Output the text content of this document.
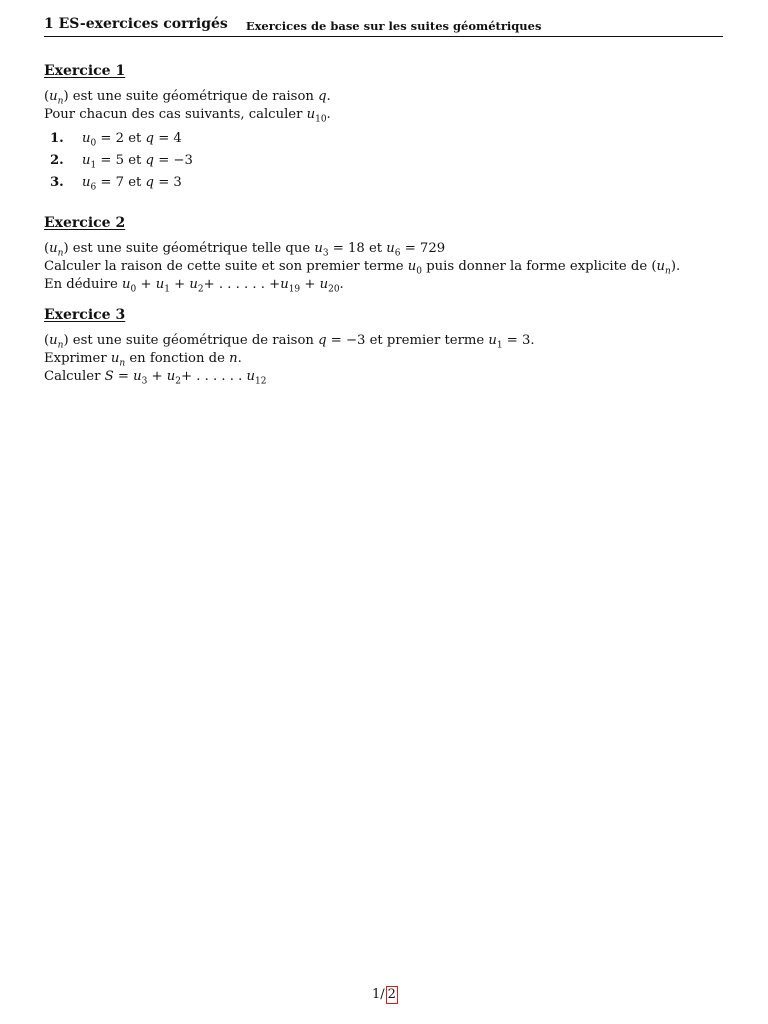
1 ES-exercices corrigés Exercices de base sur les suites géométriques
Exercice 1
$(u_n)$ est une suite géométrique de raison q.
Pour chacun des cas suivants, calculer $u_{10}$.
1.	$u_0 = 2$ et q = 4
2.	$u_1 = 5$ et q = −3
3.	$u_6 = 7$ et q = 3
Exercice 2
$(u_n)$ est une suite géométrique telle que $u_3 = 18$ et $u_6 = 729$
Calculer la raison de cette suite et son premier terme $u_0$ puis donner la forme explicite de $(u_n)$.
En déduire $u_0 + u_1 + u_2+$ . . . . . . $+u_{19} + u_{20}$.
Exercice 3
$(u_n)$ est une suite géométrique de raison q = −3 et premier terme $u_1 = 3$.
Exprimer $u_n$ en fonction de n.
Calculer $S = u_3 + u_2+$ . . . . . . $u_{12}$
1 / 2
